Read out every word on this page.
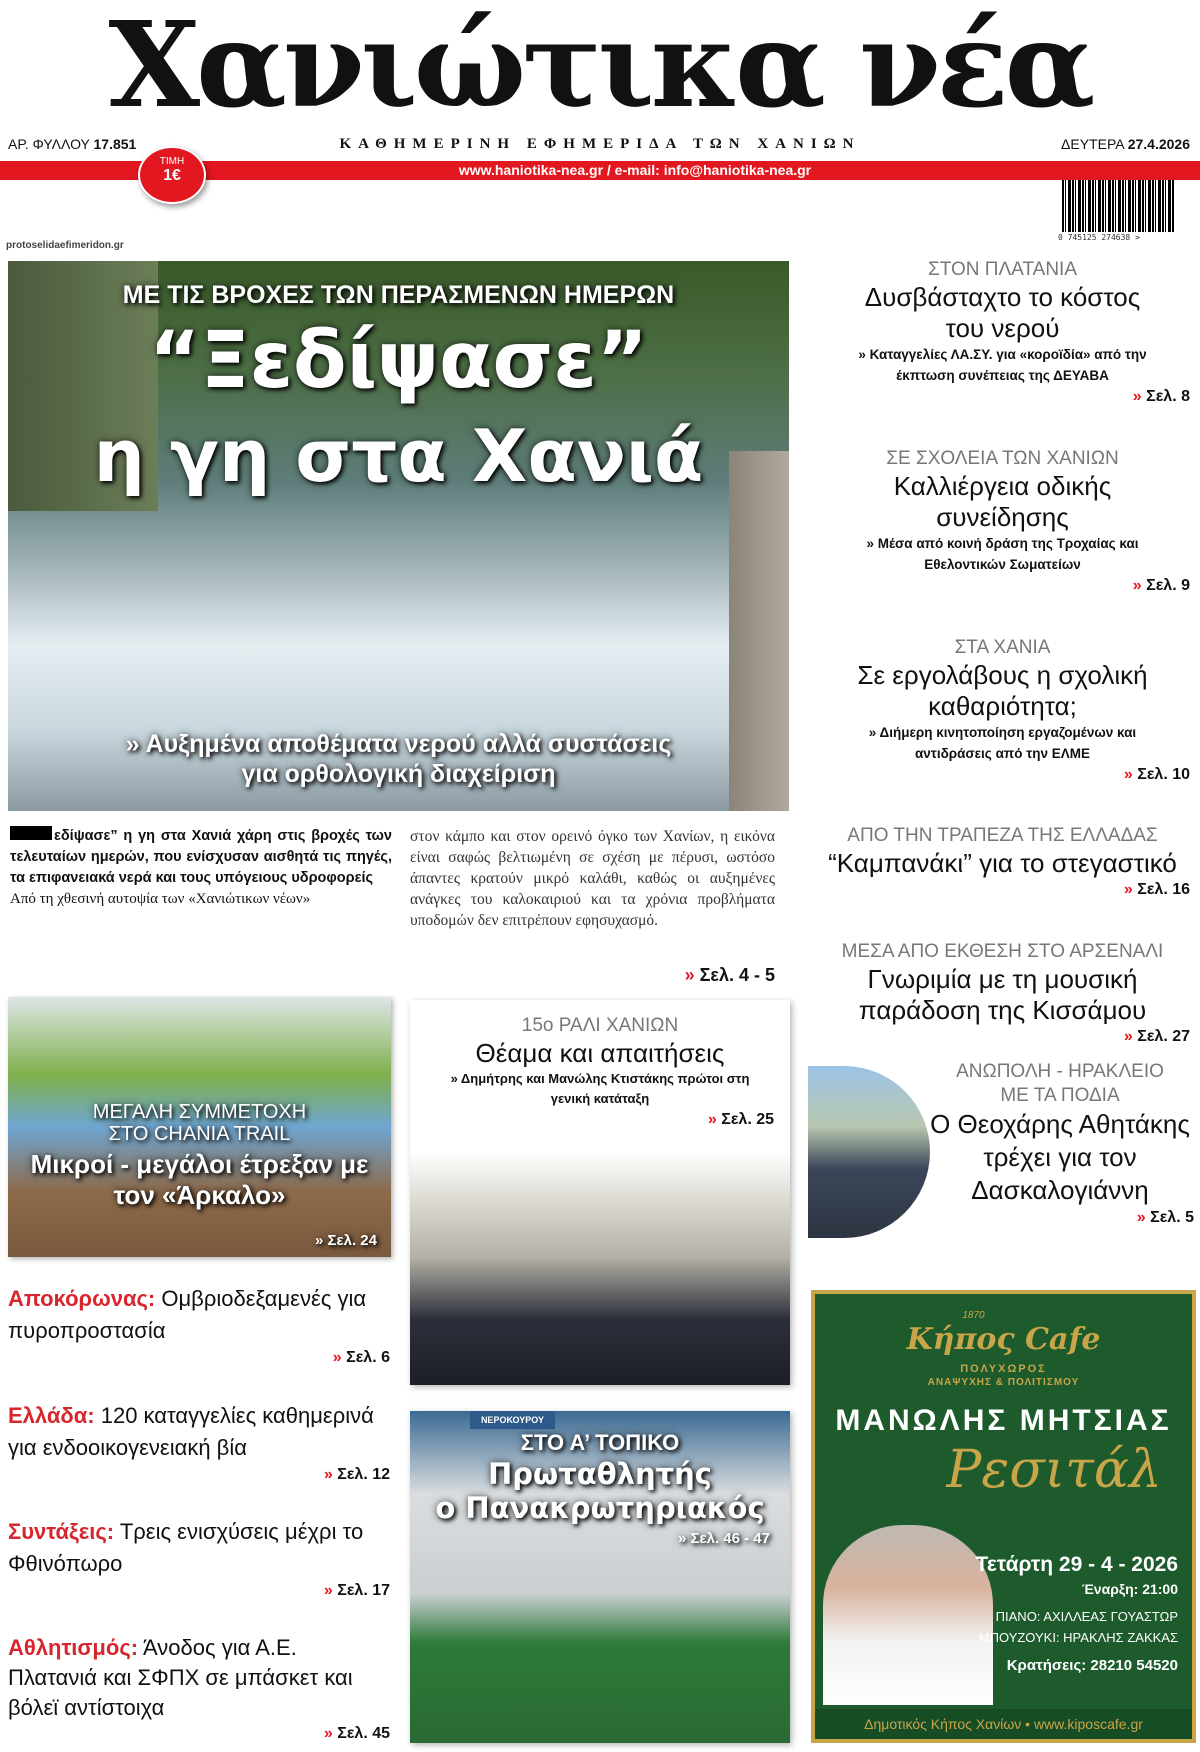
Χανιώτικα νέα
ΑΡ. ΦΥΛΛΟΥ 17.851	ΚΑΘΗΜΕΡΙΝΗ ΕΦΗΜΕΡΙΔΑ ΤΩΝ ΧΑΝΙΩΝ	ΔΕΥΤΕΡΑ 27.4.2026
www.haniotika-nea.gr / e-mail: info@haniotika-nea.gr
ΤΙΜΗ
1€
0 745125 274638 >
protoselidaefimeridon.gr
ΜΕ ΤΙΣ ΒΡΟΧΕΣ ΤΩΝ ΠΕΡΑΣΜΕΝΩΝ ΗΜΕΡΩΝ
“Ξεδίψασε”
η γη στα Χανιά
» Αυξημένα αποθέματα νερού αλλά συστάσεις
για ορθολογική διαχείριση
εδίψασε” η γη στα Χανιά χάρη στις βροχές των τελευταίων ημερών, που ενίσχυσαν αισθητά τις πηγές, τα επιφανειακά νερά και τους υπόγειους υδροφορείς
Από τη χθεσινή αυτοψία των «Χανιώτικων νέων»
στον κάμπο και στον ορεινό όγκο των Χανίων, η εικόνα είναι σαφώς βελτιωμένη σε σχέση με πέρυσι, ωστόσο άπαντες κρατούν μικρό καλάθι, καθώς οι αυξημένες ανάγκες του καλοκαιριού και τα χρόνια προβλήματα υποδομών δεν επιτρέπουν εφησυχασμό.
» Σελ. 4 - 5
ΣΤΟΝ ΠΛΑΤΑΝΙΑ
Δυσβάσταχτο το κόστος του νερού
» Καταγγελίες ΛΑ.ΣΥ. για «κοροϊδία» από την έκπτωση συνέπειας της ΔΕΥΑΒΑ
» Σελ. 8
ΣΕ ΣΧΟΛΕΙΑ ΤΩΝ ΧΑΝΙΩΝ
Καλλιέργεια οδικής συνείδησης
» Μέσα από κοινή δράση της Τροχαίας και Εθελοντικών Σωματείων
» Σελ. 9
ΣΤΑ ΧΑΝΙΑ
Σε εργολάβους η σχολική καθαριότητα;
» Διήμερη κινητοποίηση εργαζομένων και αντιδράσεις από την ΕΛΜΕ
» Σελ. 10
ΑΠΟ ΤΗΝ ΤΡΑΠΕΖΑ ΤΗΣ ΕΛΛΑΔΑΣ
“Καμπανάκι” για το στεγαστικό
» Σελ. 16
ΜΕΣΑ ΑΠΟ ΕΚΘΕΣΗ ΣΤΟ ΑΡΣΕΝΑΛΙ
Γνωριμία με τη μουσική παράδοση της Κισσάμου
» Σελ. 27
ΑΝΩΠΟΛΗ - ΗΡΑΚΛΕΙΟ ΜΕ ΤΑ ΠΟΔΙΑ
Ο Θεοχάρης Αθητάκης τρέχει για τον Δασκαλογιάννη
» Σελ. 5
ΜΕΓΑΛΗ ΣΥΜΜΕΤΟΧΗ
ΣΤΟ CHANIA TRAIL
Μικροί - μεγάλοι έτρεξαν με τον «Άρκαλο»
» Σελ. 24
15ο ΡΑΛΙ ΧΑΝΙΩΝ
Θέαμα και απαιτήσεις
» Δημήτρης και Μανώλης Κτιστάκης πρώτοι στη γενική κατάταξη
» Σελ. 25
ΝΕΡΟΚΟΥΡΟΥ
ΣΤΟ Α’ ΤΟΠΙΚΟ
Πρωταθλητής
ο Πανακρωτηριακός
» Σελ. 46 - 47
Αποκόρωνας: Ομβριοδεξαμενές για πυροπροστασία
» Σελ. 6
Ελλάδα: 120 καταγγελίες καθημερινά για ενδοοικογενειακή βία
» Σελ. 12
Συντάξεις: Τρεις ενισχύσεις μέχρι το Φθινόπωρο
» Σελ. 17
Αθλητισμός: Άνοδος για Α.Ε. Πλατανιά και ΣΦΠΧ σε μπάσκετ και βόλεϊ αντίστοιχα
» Σελ. 45
1870
Κήπος Cafe
ΠΟΛΥΧΩΡΟΣ
ΑΝΑΨΥΧΗΣ & ΠΟΛΙΤΙΣΜΟΥ
ΜΑΝΩΛΗΣ ΜΗΤΣΙΑΣ
Ρεσιτάλ
Τετάρτη 29 - 4 - 2026
Έναρξη: 21:00
ΠΙΑΝΟ: ΑΧΙΛΛΕΑΣ ΓΟΥΑΣΤΩΡ
ΜΠΟΥΖΟΥΚΙ: ΗΡΑΚΛΗΣ ΖΑΚΚΑΣ
Κρατήσεις: 28210 54520
Δημοτικός Κήπος Χανίων • www.kiposcafe.gr
